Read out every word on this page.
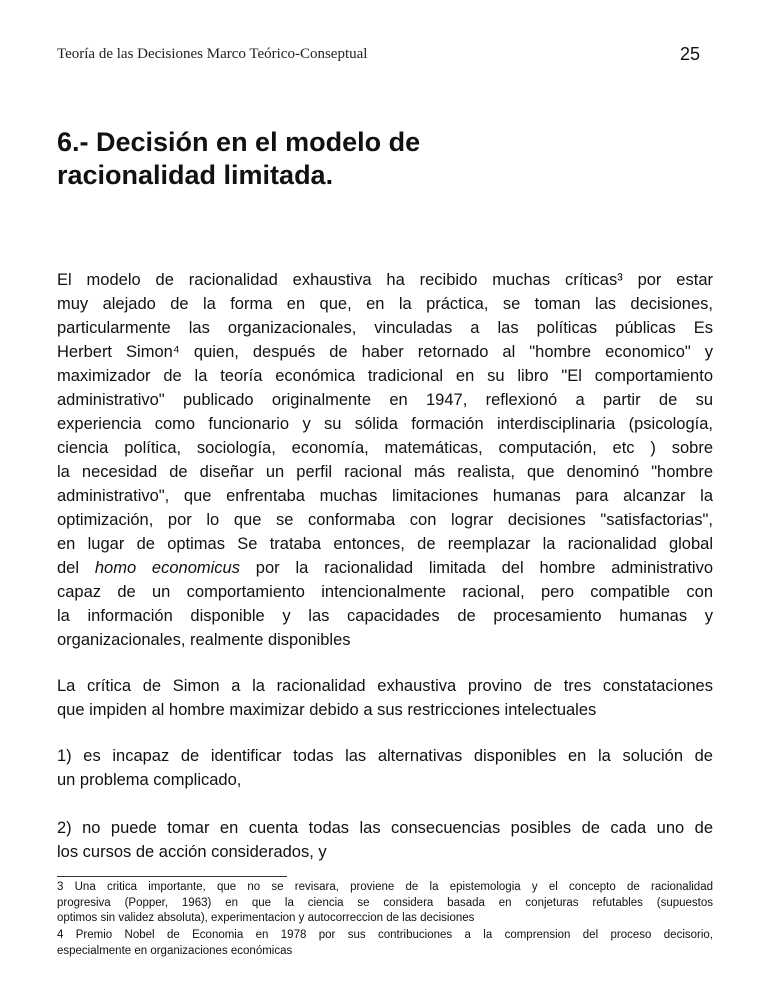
Teoría de las Decisiones Marco Teórico-Conseptual	25
6.- Decisión en el modelo de
racionalidad limitada.
El modelo de racionalidad exhaustiva ha recibido muchas críticas³ por estar
muy alejado de la forma en que, en la práctica, se toman las decisiones,
particularmente las organizacionales, vinculadas a las políticas públicas Es
Herbert Simon⁴ quien, después de haber retornado al "hombre economico" y
maximizador de la teoría económica tradicional en su libro "El comportamiento
administrativo" publicado originalmente en 1947, reflexionó a partir de su
experiencia como funcionario y su sólida formación interdisciplinaria (psicología,
ciencia política, sociología, economía, matemáticas, computación, etc ) sobre
la necesidad de diseñar un perfil racional más realista, que denominó "hombre
administrativo", que enfrentaba muchas limitaciones humanas para alcanzar la
optimización, por lo que se conformaba con lograr decisiones "satisfactorias",
en lugar de optimas Se trataba entonces, de reemplazar la racionalidad global
del homo economicus por la racionalidad limitada del hombre administrativo
capaz de un comportamiento intencionalmente racional, pero compatible con
la información disponible y las capacidades de procesamiento humanas y
organizacionales, realmente disponibles
La crítica de Simon a la racionalidad exhaustiva provino de tres constataciones
que impiden al hombre maximizar debido a sus restricciones intelectuales
1) es incapaz de identificar todas las alternativas disponibles en la solución de
un problema complicado,
2) no puede tomar en cuenta todas las consecuencias posibles de cada uno de
los cursos de acción considerados, y
3 Una critica importante, que no se revisara, proviene de la epistemologia y el concepto de racionalidad
progresiva (Popper, 1963) en que la ciencia se considera basada en conjeturas refutables (supuestos
optimos sin validez absoluta), experimentacion y autocorreccion de las decisiones
4 Premio Nobel de Economia en 1978 por sus contribuciones a la comprension del proceso decisorio,
especialmente en organizaciones económicas
